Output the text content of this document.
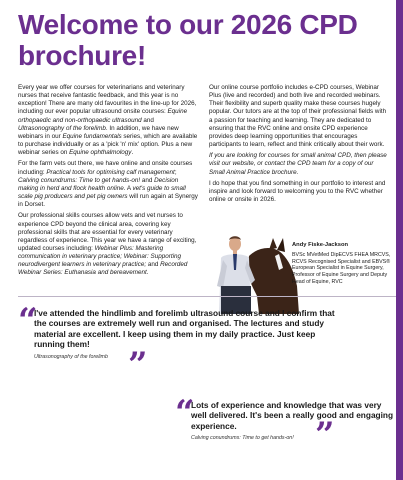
Welcome to our 2026 CPD brochure!

Every year we offer courses for veterinarians and veterinary nurses that receive fantastic feedback, and this year is no exception! There are many old favourites in the line-up for 2026, including our ever popular ultrasound onsite courses: Equine orthopaedic and non-orthopaedic ultrasound and Ultrasonography of the forelimb. In addition, we have new webinars in our Equine fundamentals series, which are available to purchase individually or as a 'pick 'n' mix' option. Plus a new webinar series on Equine ophthalmology.

For the farm vets out there, we have online and onsite courses including: Practical tools for optimising calf management; Calving conundrums: Time to get hands-on! and Decision making in herd and flock health online. A vet's guide to small scale pig producers and pet pig owners will run again at Synergy in Dorset.

Our professional skills courses allow vets and vet nurses to experience CPD beyond the clinical area, covering key professional skills that are essential for every veterinary regardless of experience. This year we have a range of exciting, updated courses including: Webinar Plus: Mastering communication in veterinary practice; Webinar: Supporting neurodivergent learners in veterinary practice; and Recorded Webinar Series: Euthanasia and bereavement.

Our online course portfolio includes e-CPD courses, Webinar Plus (live and recorded) and both live and recorded webinars. Their flexibility and superb quality make these courses hugely popular. Our tutors are at the top of their professional fields with a passion for teaching and learning. They are dedicated to ensuring that the RVC online and onsite CPD experience provides deep learning opportunities that encourages participants to learn, reflect and think critically about their work.

If you are looking for courses for small animal CPD, then please visit our website, or contact the CPD team for a copy of our Small Animal Practice brochure.

I do hope that you find something in our portfolio to interest and inspire and look forward to welcoming you to the RVC whether online or onsite in 2026.

Andy Fiske-Jackson
BVSc MVetMed DipECVS FHEA MRCVS, RCVS Recognised Specialist and EBVS® European Specialist in Equine Surgery, Professor of Equine Surgery and Deputy Head of Equine, RVC
“

I've attended the hindlimb and forelimb ultrasound course and I confirm that the courses are extremely well run and organised. The lectures and study material are excellent. I keep using them in my daily practice. Just keep running them!

”

Ultrasonography of the forelimb

“

Lots of experience and knowledge that was very well delivered. It's been a really good and engaging experience.	”

Calving conundrums: Time to get hands-on!
